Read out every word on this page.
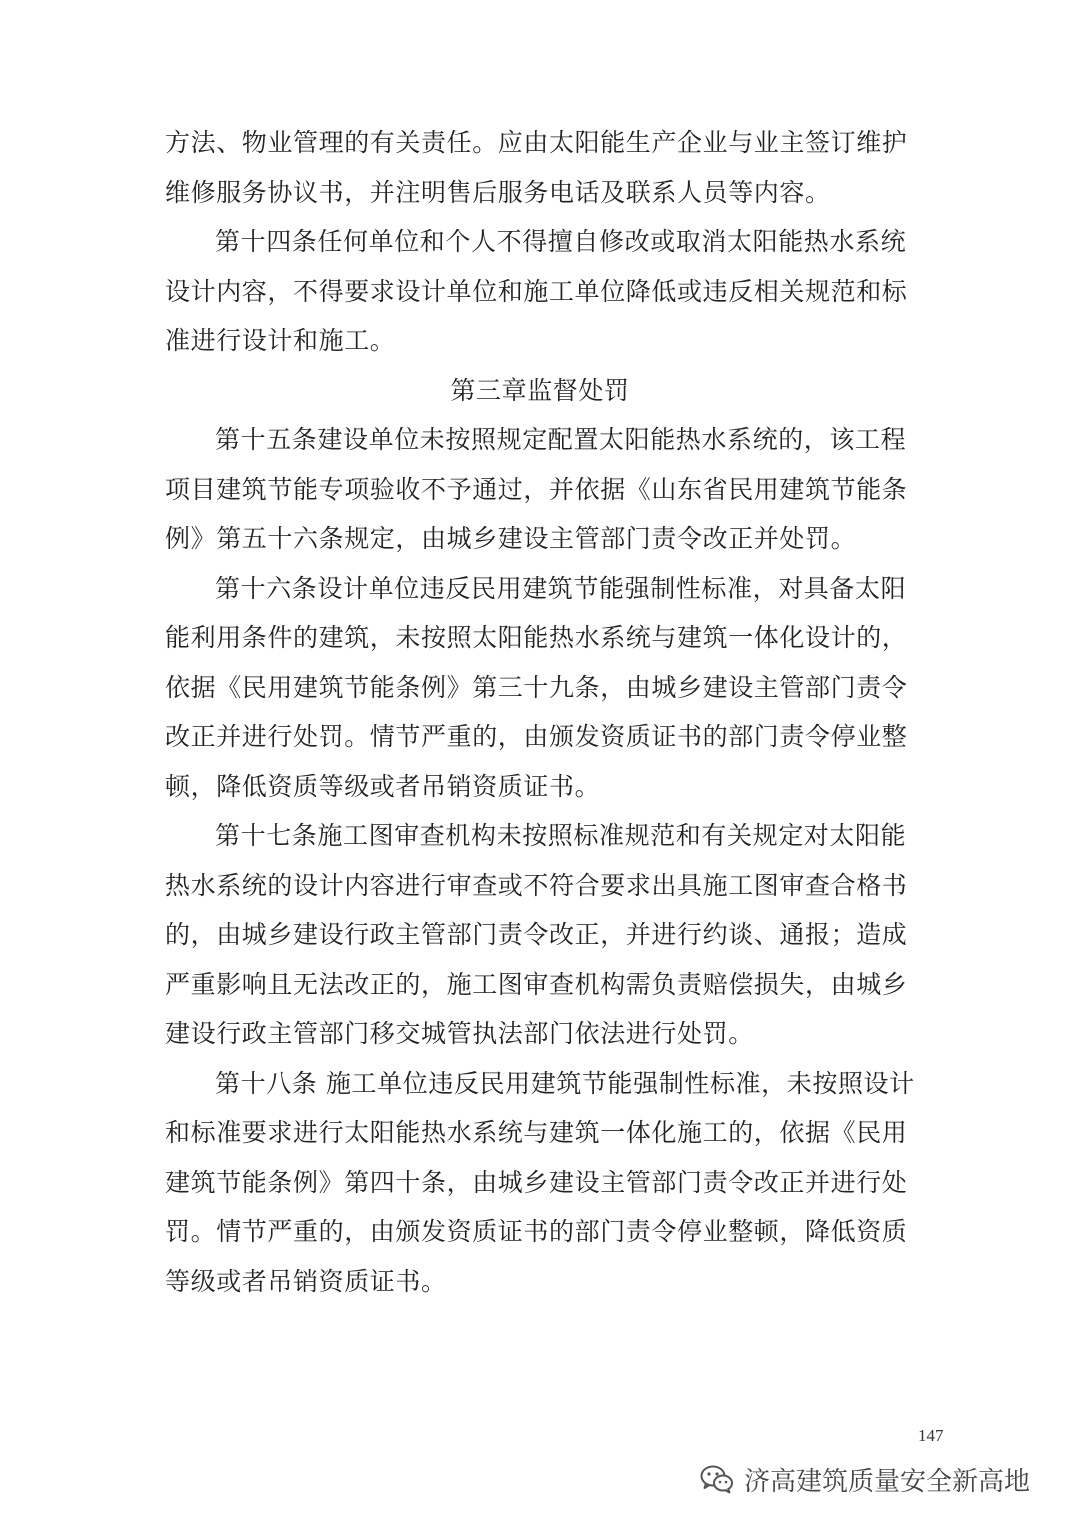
方法、物业管理的有关责任。应由太阳能生产企业与业主签订维护
维修服务协议书，并注明售后服务电话及联系人员等内容。
第十四条任何单位和个人不得擅自修改或取消太阳能热水系统
设计内容，不得要求设计单位和施工单位降低或违反相关规范和标
准进行设计和施工。
第三章监督处罚
第十五条建设单位未按照规定配置太阳能热水系统的，该工程
项目建筑节能专项验收不予通过，并依据《山东省民用建筑节能条
例》第五十六条规定，由城乡建设主管部门责令改正并处罚。
第十六条设计单位违反民用建筑节能强制性标准，对具备太阳
能利用条件的建筑，未按照太阳能热水系统与建筑一体化设计的，
依据《民用建筑节能条例》第三十九条，由城乡建设主管部门责令
改正并进行处罚。情节严重的，由颁发资质证书的部门责令停业整
顿，降低资质等级或者吊销资质证书。
第十七条施工图审查机构未按照标准规范和有关规定对太阳能
热水系统的设计内容进行审查或不符合要求出具施工图审查合格书
的，由城乡建设行政主管部门责令改正，并进行约谈、通报；造成
严重影响且无法改正的，施工图审查机构需负责赔偿损失，由城乡
建设行政主管部门移交城管执法部门依法进行处罚。
第十八条 施工单位违反民用建筑节能强制性标准，未按照设计
和标准要求进行太阳能热水系统与建筑一体化施工的，依据《民用
建筑节能条例》第四十条，由城乡建设主管部门责令改正并进行处
罚。情节严重的，由颁发资质证书的部门责令停业整顿，降低资质
等级或者吊销资质证书。
147
济高建筑质量安全新高地
